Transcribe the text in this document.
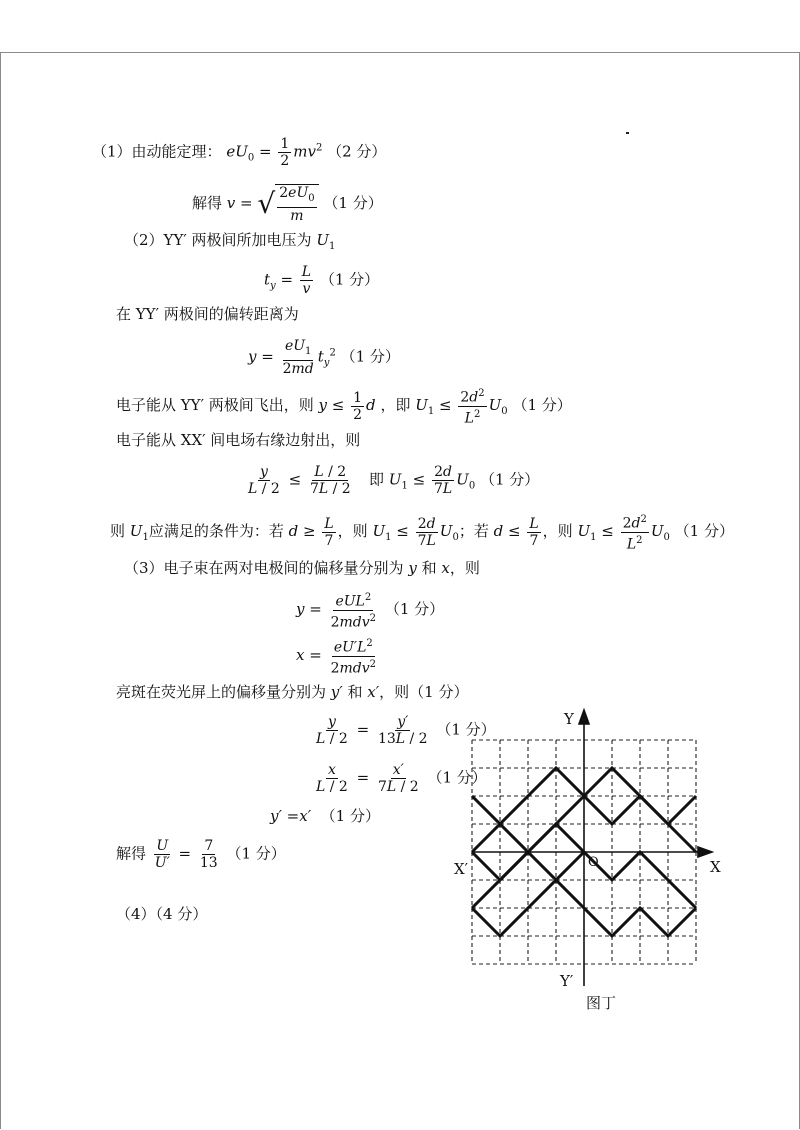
（1）由动能定理： $eU_0 = \frac{1}{2} mv^2$ （2 分）
解得 v = √ $\frac{2eU_0}{m} (1$ 分）
（2）YY′ 两极间所加电压为 $U_1$
$t_y = \frac{L}{v} (1$ 分）
在 YY′ 两极间的偏转距离为
$y = \frac{eU_1}{2md} t_y^2$ （1 分）
电子能从 YY′ 两极间飞出，则 $y \le \frac{1}{2}$ d ，即 $U_1 \le \frac{2d^2}{L^2} U_0$ （1 分）
电子能从 XX′ 间电场右缘边射出，则
$\frac{y}{L / 2} \le \frac{L / 2}{7L / 2}$ 即 $U_1 \le \frac{2d}{7L} U_0$ （1 分）
则 $U_1$应满足的条件为：若 $d \ge \frac{L}{7}$ ，则 $U_1 \le \frac{2d}{7L} U_0$；若 $d \le \frac{L}{7}$ ，则 $U_1 \le \frac{2d^2}{L^2} U_0$ （1 分）
（3）电子束在两对电极间的偏移量分别为 y 和 x，则
$y = \frac{eUL^2}{2mdv^2} (1$ 分）
$x = \frac{eU'L^2}{2mdv^2}$
亮斑在荧光屏上的偏移量分别为 y′ 和 x′，则（1 分）
$\frac{y}{L / 2} = \frac{y'}{13L / 2} (1$ 分）
$\frac{x}{L / 2} = \frac{x'}{7L / 2} (1$ 分）
y′ =x′ （1 分）
解得 $\frac{U}{U'} = \frac{7}{13} (1$ 分）
（4）（4 分）
Y
Y′
X
X′	O
图丁
